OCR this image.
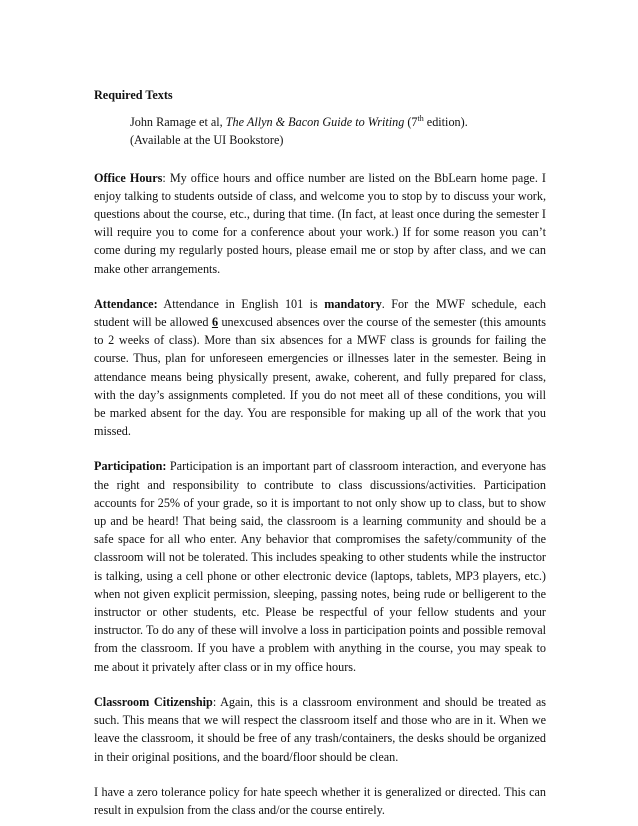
Required Texts
John Ramage et al, The Allyn & Bacon Guide to Writing (7th edition).
(Available at the UI Bookstore)

Office Hours: My office hours and office number are listed on the BbLearn home page. I enjoy talking to students outside of class, and welcome you to stop by to discuss your work, questions about the course, etc., during that time. (In fact, at least once during the semester I will require you to come for a conference about your work.) If for some reason you can’t come during my regularly posted hours, please email me or stop by after class, and we can make other arrangements.

Attendance: Attendance in English 101 is mandatory. For the MWF schedule, each student will be allowed 6 unexcused absences over the course of the semester (this amounts to 2 weeks of class). More than six absences for a MWF class is grounds for failing the course. Thus, plan for unforeseen emergencies or illnesses later in the semester. Being in attendance means being physically present, awake, coherent, and fully prepared for class, with the day’s assignments completed. If you do not meet all of these conditions, you will be marked absent for the day. You are responsible for making up all of the work that you missed.

Participation: Participation is an important part of classroom interaction, and everyone has the right and responsibility to contribute to class discussions/activities. Participation accounts for 25% of your grade, so it is important to not only show up to class, but to show up and be heard! That being said, the classroom is a learning community and should be a safe space for all who enter. Any behavior that compromises the safety/community of the classroom will not be tolerated. This includes speaking to other students while the instructor is talking, using a cell phone or other electronic device (laptops, tablets, MP3 players, etc.) when not given explicit permission, sleeping, passing notes, being rude or belligerent to the instructor or other students, etc. Please be respectful of your fellow students and your instructor. To do any of these will involve a loss in participation points and possible removal from the classroom. If you have a problem with anything in the course, you may speak to me about it privately after class or in my office hours.

Classroom Citizenship: Again, this is a classroom environment and should be treated as such. This means that we will respect the classroom itself and those who are in it. When we leave the classroom, it should be free of any trash/containers, the desks should be organized in their original positions, and the board/floor should be clean.

I have a zero tolerance policy for hate speech whether it is generalized or directed. This can result in expulsion from the class and/or the course entirely.
